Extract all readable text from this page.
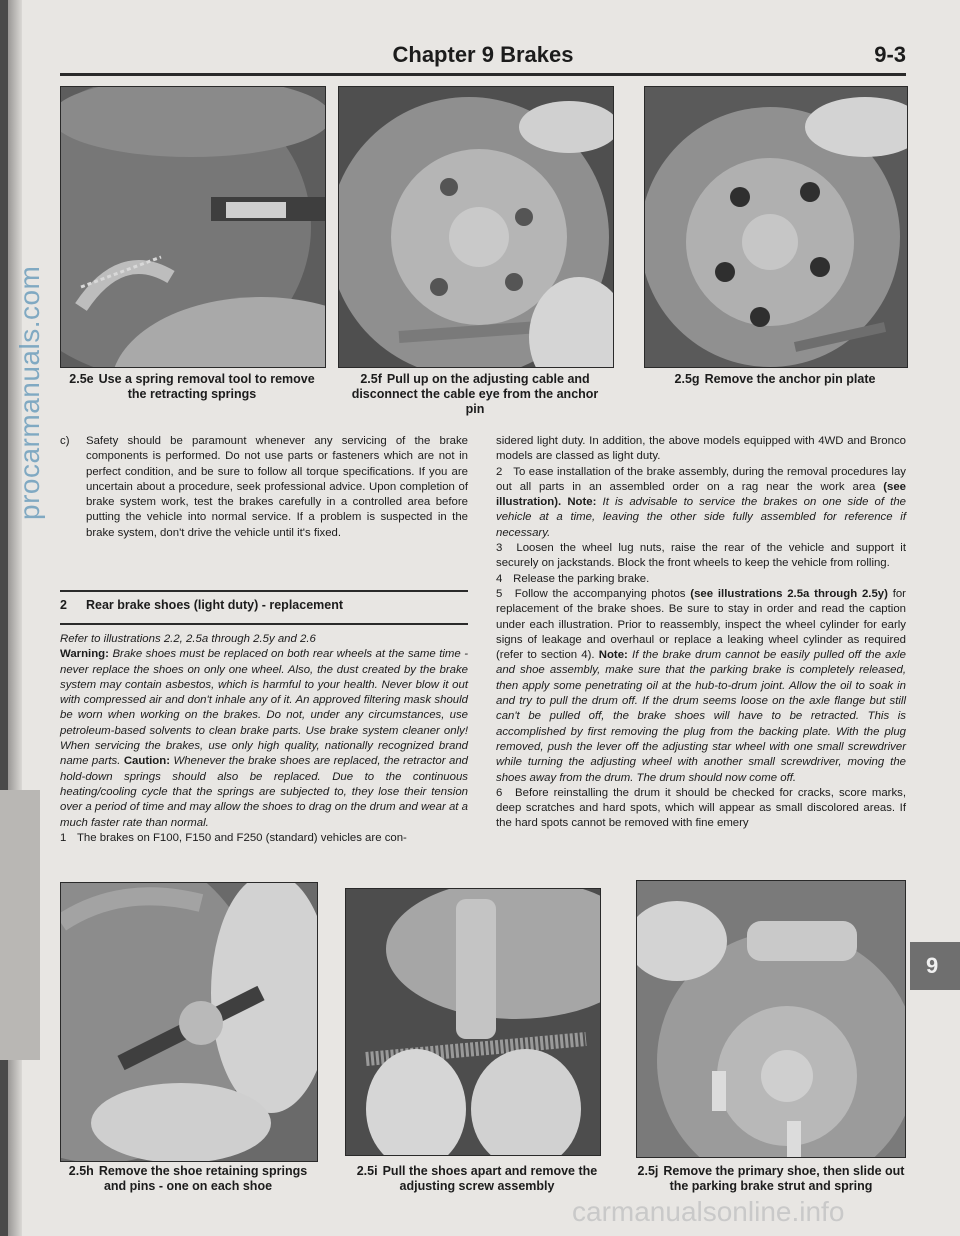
procarmanuals.com
Chapter 9 Brakes	9-3
2.5e Use a spring removal tool to remove the retracting springs
2.5f Pull up on the adjusting cable and disconnect the cable eye from the anchor pin
2.5g Remove the anchor pin plate

c) Safety should be paramount whenever any servicing of the brake components is performed. Do not use parts or fasteners which are not in perfect condition, and be sure to follow all torque specifications. If you are uncertain about a procedure, seek professional advice. Upon completion of brake system work, test the brakes carefully in a controlled area before putting the vehicle into normal service. If a problem is suspected in the brake system, don't drive the vehicle until it's fixed.

2 Rear brake shoes (light duty) - replacement

Refer to illustrations 2.2, 2.5a through 2.5y and 2.6

Warning: Brake shoes must be replaced on both rear wheels at the same time - never replace the shoes on only one wheel. Also, the dust created by the brake system may contain asbestos, which is harmful to your health. Never blow it out with compressed air and don't inhale any of it. An approved filtering mask should be worn when working on the brakes. Do not, under any circumstances, use petroleum-based solvents to clean brake parts. Use brake system cleaner only! When servicing the brakes, use only high quality, nationally recognized brand name parts. Caution: Whenever the brake shoes are replaced, the retractor and hold-down springs should also be replaced. Due to the continuous heating/cooling cycle that the springs are subjected to, they lose their tension over a period of time and may allow the shoes to drag on the drum and wear at a much faster rate than normal.

1 The brakes on F100, F150 and F250 (standard) vehicles are con-

sidered light duty. In addition, the above models equipped with 4WD and Bronco models are classed as light duty.

2 To ease installation of the brake assembly, during the removal procedures lay out all parts in an assembled order on a rag near the work area (see illustration). Note: It is advisable to service the brakes on one side of the vehicle at a time, leaving the other side fully assembled for reference if necessary.

3 Loosen the wheel lug nuts, raise the rear of the vehicle and support it securely on jackstands. Block the front wheels to keep the vehicle from rolling.

4 Release the parking brake.

5 Follow the accompanying photos (see illustrations 2.5a through 2.5y) for replacement of the brake shoes. Be sure to stay in order and read the caption under each illustration. Prior to reassembly, inspect the wheel cylinder for early signs of leakage and overhaul or replace a leaking wheel cylinder as required (refer to section 4). Note: If the brake drum cannot be easily pulled off the axle and shoe assembly, make sure that the parking brake is completely released, then apply some penetrating oil at the hub-to-drum joint. Allow the oil to soak in and try to pull the drum off. If the drum seems loose on the axle flange but still can't be pulled off, the brake shoes will have to be retracted. This is accomplished by first removing the plug from the backing plate. With the plug removed, push the lever off the adjusting star wheel with one small screwdriver while turning the adjusting wheel with another small screwdriver, moving the shoes away from the drum. The drum should now come off.

6 Before reinstalling the drum it should be checked for cracks, score marks, deep scratches and hard spots, which will appear as small discolored areas. If the hard spots cannot be removed with fine emery

2.5h Remove the shoe retaining springs and pins - one on each shoe
2.5i Pull the shoes apart and remove the adjusting screw assembly
2.5j Remove the primary shoe, then slide out the parking brake strut and spring
9
carmanualsonline.info
